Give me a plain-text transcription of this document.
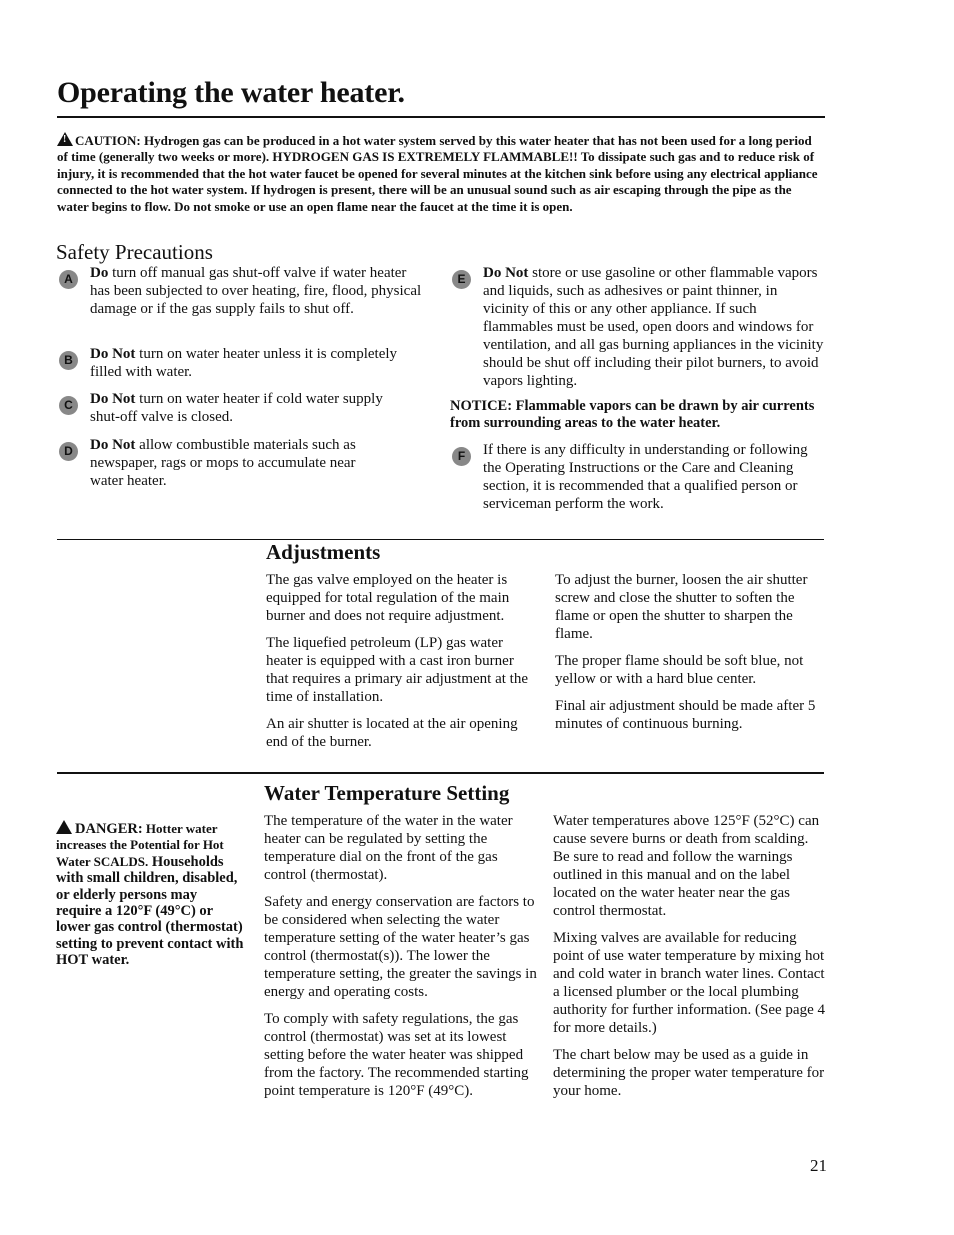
Operating the water heater.
!CAUTION: Hydrogen gas can be produced in a hot water system served by this water heater that has not been used for a long period of time (generally two weeks or more). HYDROGEN GAS IS EXTREMELY FLAMMABLE!! To dissipate such gas and to reduce risk of injury, it is recommended that the hot water faucet be opened for several minutes at the kitchen sink before using any electrical appliance connected to the hot water system. If hydrogen is present, there will be an unusual sound such as air escaping through the pipe as the water begins to flow. Do not smoke or use an open flame near the faucet at the time it is open.
Safety Precautions
A	Do turn off manual gas shut-off valve if water heater has been subjected to over heating, fire, flood, physical damage or if the gas supply fails to shut off.
B	Do Not turn on water heater unless it is completely filled with water.
C	Do Not turn on water heater if cold water supply shut-off valve is closed.
D	Do Not allow combustible materials such as newspaper, rags or mops to accumulate near water heater.
E	Do Not store or use gasoline or other flammable vapors and liquids, such as adhesives or paint thinner, in vicinity of this or any other appliance. If such flammables must be used, open doors and windows for ventilation, and all gas burning appliances in the vicinity should be shut off including their pilot burners, to avoid vapors lighting.
NOTICE: Flammable vapors can be drawn by air currents from surrounding areas to the water heater.
F	If there is any difficulty in understanding or following the Operating Instructions or the Care and Cleaning section, it is recommended that a qualified person or serviceman perform the work.
Adjustments
The gas valve employed on the heater is equipped for total regulation of the main burner and does not require adjustment.
The liquefied petroleum (LP) gas water heater is equipped with a cast iron burner that requires a primary air adjustment at the time of installation.
An air shutter is located at the air opening end of the burner.
To adjust the burner, loosen the air shutter screw and close the shutter to soften the flame or open the shutter to sharpen the flame.
The proper flame should be soft blue, not yellow or with a hard blue center.
Final air adjustment should be made after 5 minutes of continuous burning.
Water Temperature Setting
DANGER: Hotter water increases the Potential for Hot Water SCALDS. Households with small children, disabled, or elderly persons may require a 120°F (49°C) or lower gas control (thermostat) setting to prevent contact with HOT water.
The temperature of the water in the water heater can be regulated by setting the temperature dial on the front of the gas control (thermostat).
Safety and energy conservation are factors to be considered when selecting the water temperature setting of the water heater’s gas control (thermostat(s)). The lower the temperature setting, the greater the savings in energy and operating costs.
To comply with safety regulations, the gas control (thermostat) was set at its lowest setting before the water heater was shipped from the factory. The recommended starting point temperature is 120°F (49°C).
Water temperatures above 125°F (52°C) can cause severe burns or death from scalding. Be sure to read and follow the warnings outlined in this manual and on the label located on the water heater near the gas control thermostat.
Mixing valves are available for reducing point of use water temperature by mixing hot and cold water in branch water lines. Contact a licensed plumber or the local plumbing authority for further information. (See page 4 for more details.)
The chart below may be used as a guide in determining the proper water temperature for your home.
21
